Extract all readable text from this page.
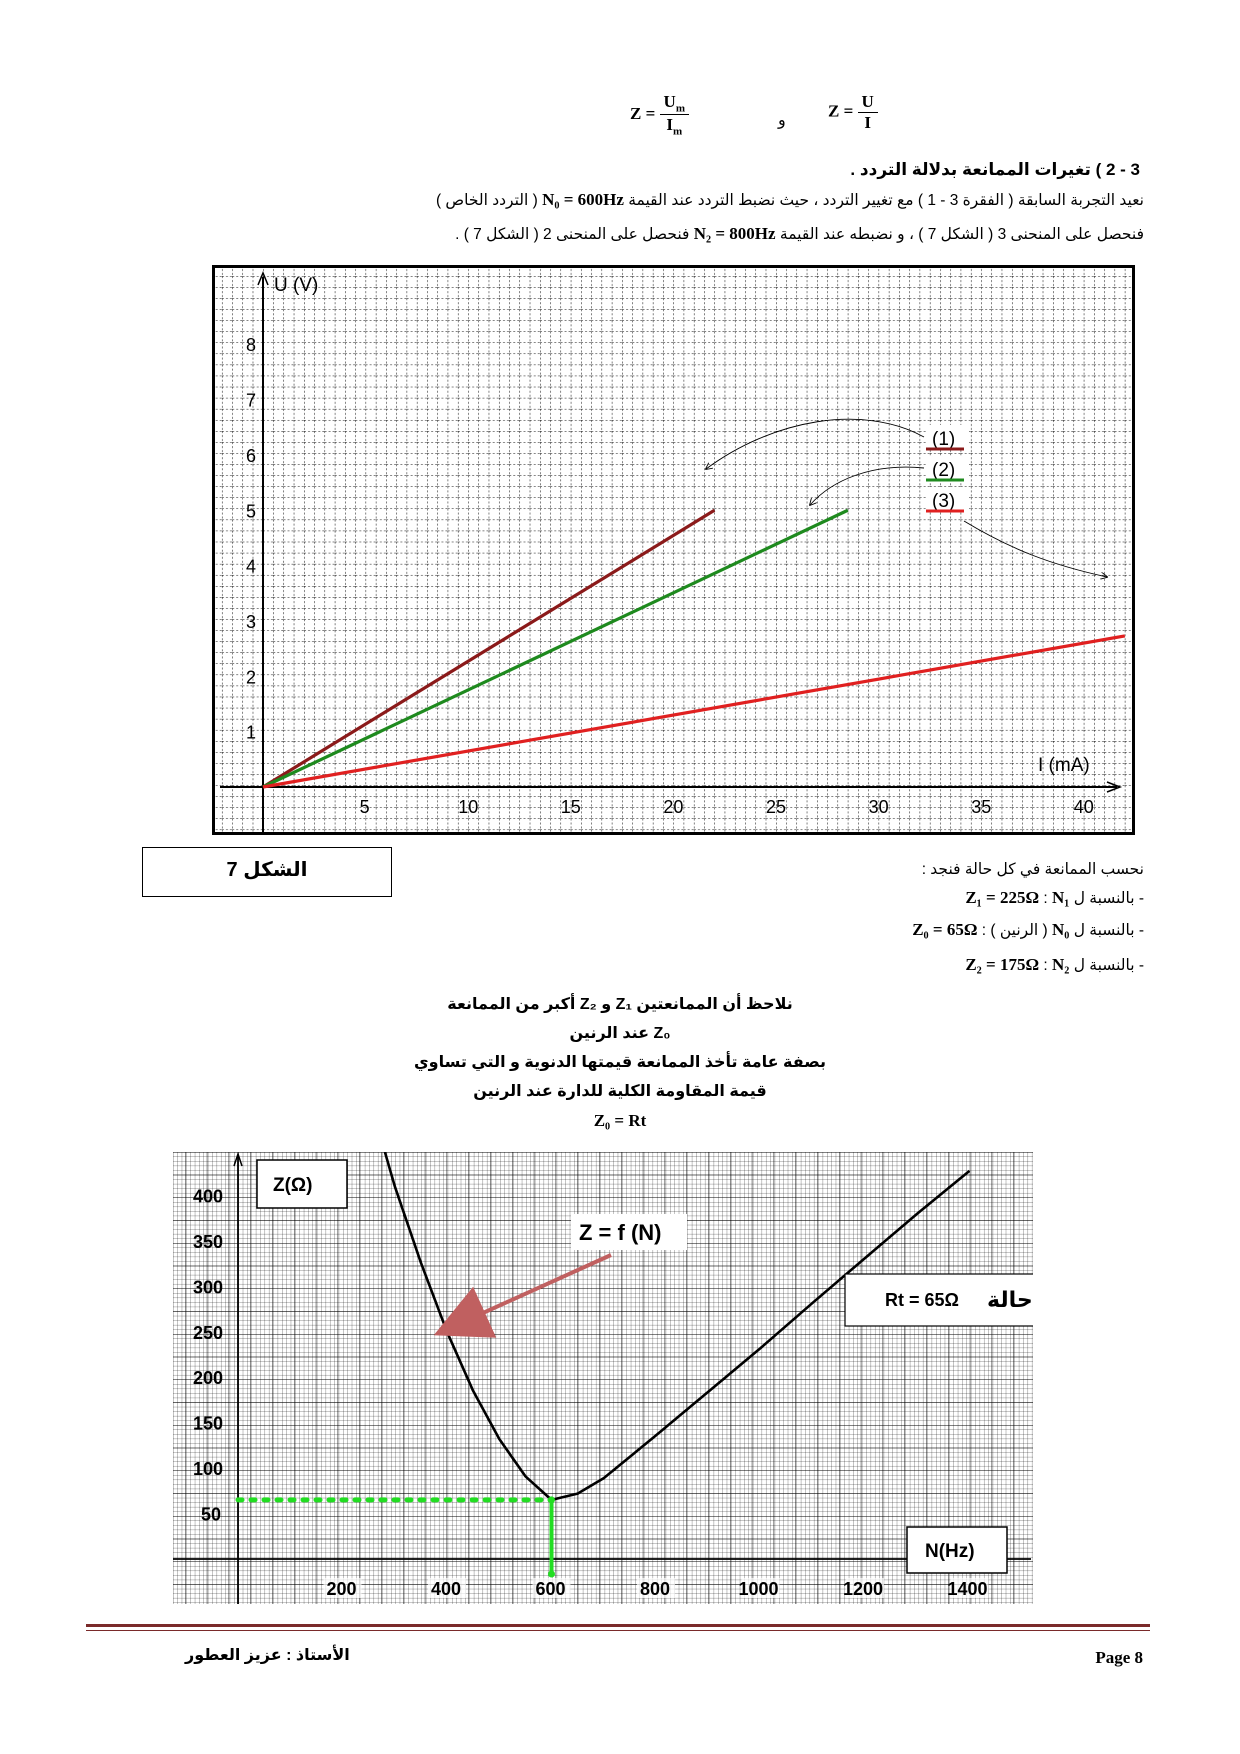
$Z = \frac{U_m}{I_m}$	و
$Z = \frac{U}{I}$
3 - 2 ) تغيرات الممانعة بدلالة التردد .
نعيد التجربة السابقة ( الفقرة 3 - 1 ) مع تغيير التردد ، حيث نضبط التردد عند القيمة N₀ = 600Hz ( التردد الخاص )
فنحصل على المنحنى 3 ( الشكل 7 ) ، و نضبطه عند القيمة N₂ = 800Hz فنحصل على المنحنى 2 ( الشكل 7 ) .
5	10	15	20	25	30	35	40
1
2
3
4
5
6
7
8
U (V)
I (mA)
(1)
(2)
(3)
الشكل 7	نحسب الممانعة في كل حالة فنجد :
- بالنسبة ل N₁ : Z₁ = 225Ω
- بالنسبة ل N₀ ( الرنين ) : Z₀ = 65Ω
- بالنسبة ل N₂ : Z₂ = 175Ω
نلاحظ أن الممانعتين Z₁ و Z₂ أكبر من الممانعة
Z₀ عند الرنين
بصفة عامة تأخذ الممانعة قيمتها الدنوية و التي تساوي
قيمة المقاومة الكلية للدارة عند الرنين
Z₀ = Rt
200	400	600	800	1000	1200	1400
50
100
150
200
250
300
350
400
Z(Ω)
Z = f (N)
Rt = 65Ω حالة
N(Hz)
الأستاذ : عزيز العطور	Page 8
